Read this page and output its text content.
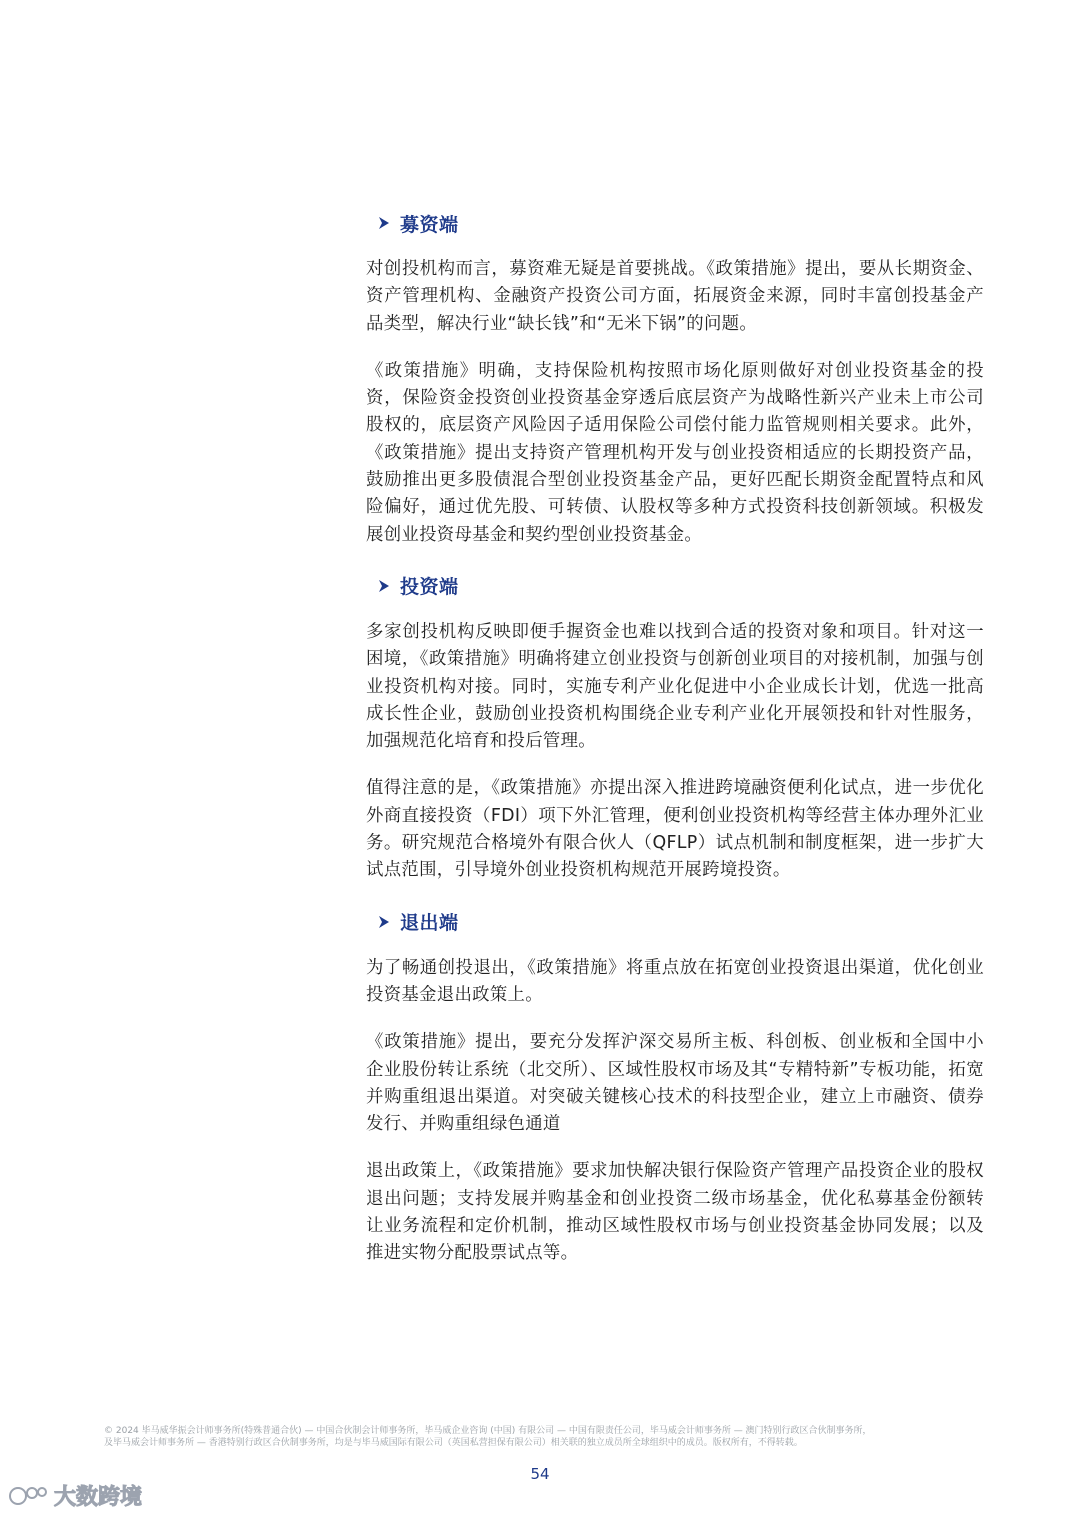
募资端

对创投机构而言，募资难无疑是首要挑战。《政策措施》提出，要从长期资金、资产管理机构、金融资产投资公司方面，拓展资金来源，同时丰富创投基金产品类型，解决行业“缺长钱”和“无米下锅”的问题。

《政策措施》明确，支持保险机构按照市场化原则做好对创业投资基金的投资，保险资金投资创业投资基金穿透后底层资产为战略性新兴产业未上市公司股权的，底层资产风险因子适用保险公司偿付能力监管规则相关要求。此外，《政策措施》提出支持资产管理机构开发与创业投资相适应的长期投资产品，鼓励推出更多股债混合型创业投资基金产品，更好匹配长期资金配置特点和风险偏好，通过优先股、可转债、认股权等多种方式投资科技创新领域。积极发展创业投资母基金和契约型创业投资基金。

投资端

多家创投机构反映即便手握资金也难以找到合适的投资对象和项目。针对这一困境，《政策措施》明确将建立创业投资与创新创业项目的对接机制，加强与创业投资机构对接。同时，实施专利产业化促进中小企业成长计划，优选一批高成长性企业，鼓励创业投资机构围绕企业专利产业化开展领投和针对性服务，加强规范化培育和投后管理。

值得注意的是，《政策措施》亦提出深入推进跨境融资便利化试点，进一步优化外商直接投资（FDI）项下外汇管理，便利创业投资机构等经营主体办理外汇业务。研究规范合格境外有限合伙人（QFLP）试点机制和制度框架，进一步扩大试点范围，引导境外创业投资机构规范开展跨境投资。

退出端

为了畅通创投退出，《政策措施》将重点放在拓宽创业投资退出渠道，优化创业投资基金退出政策上。

《政策措施》提出，要充分发挥沪深交易所主板、科创板、创业板和全国中小企业股份转让系统（北交所）、区域性股权市场及其“专精特新”专板功能，拓宽并购重组退出渠道。对突破关键核心技术的科技型企业，建立上市融资、债券发行、并购重组绿色通道

退出政策上，《政策措施》要求加快解决银行保险资产管理产品投资企业的股权退出问题；支持发展并购基金和创业投资二级市场基金，优化私募基金份额转让业务流程和定价机制，推动区域性股权市场与创业投资基金协同发展；以及推进实物分配股票试点等。

© 2024 毕马威华振会计师事务所(特殊普通合伙) — 中国合伙制会计师事务所，毕马威企业咨询 (中国) 有限公司 — 中国有限责任公司，毕马威会计师事务所 — 澳门特别行政区合伙制事务所，
及毕马威会计师事务所 — 香港特别行政区合伙制事务所，均是与毕马威国际有限公司（英国私营担保有限公司）相关联的独立成员所全球组织中的成员。版权所有，不得转载。
54
大数跨境
